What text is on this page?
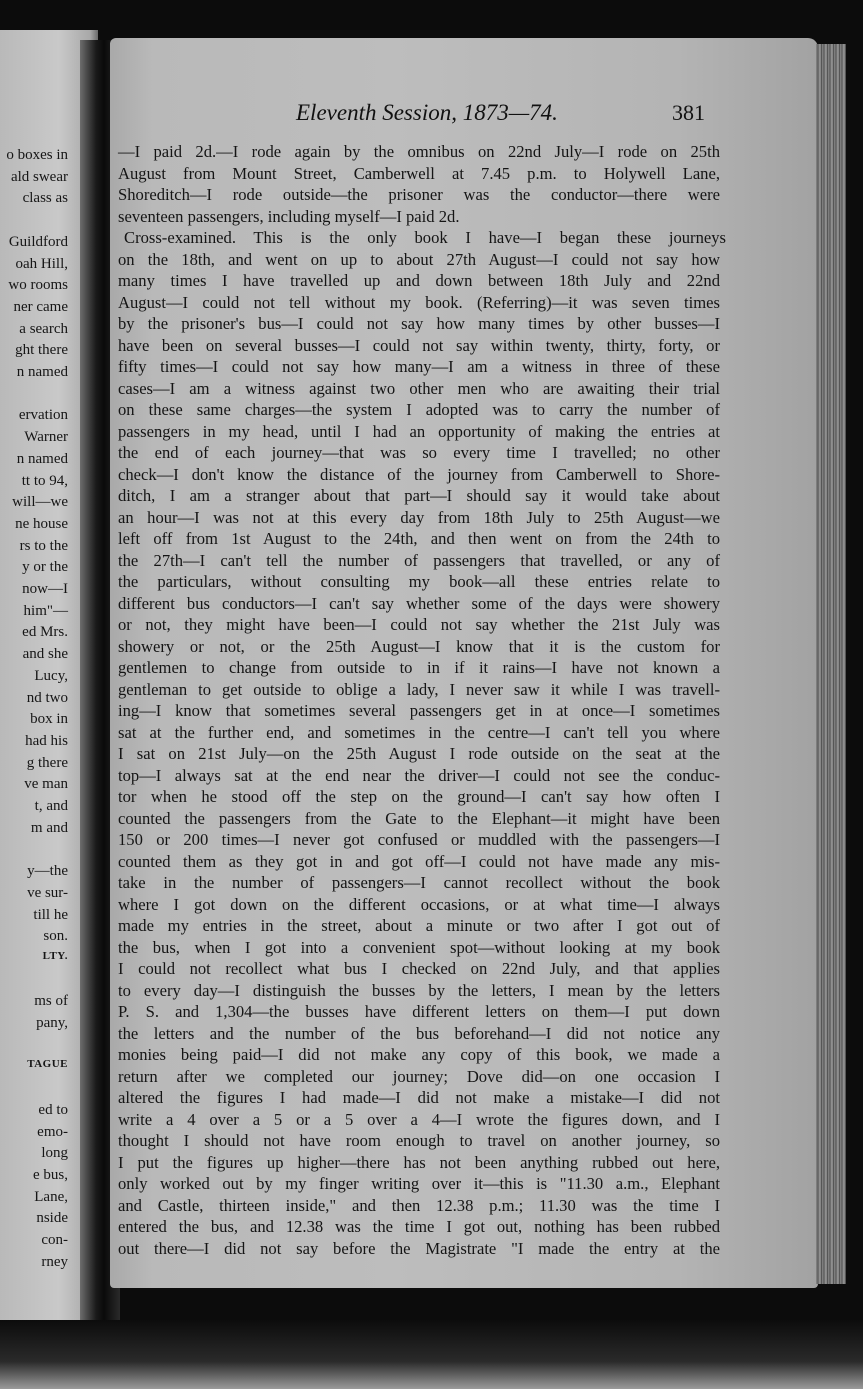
o boxes in
ald swear
class as
Guildford
oah Hill,
wo rooms
ner came
a search
ght there
n named
ervation
Warner
n named
tt to 94,
will—we
ne house
rs to the
y or the
now—I
him"—
ed Mrs.
and she
Lucy,
nd two
box in
had his
g there
ve man
t, and
m and
y—the
ve sur-
till he
son.
LTY.
ms of
pany,
TAGUE
ed to
emo-
long
e bus,
Lane,
nside
con-
rney
Eleventh Session, 1873—74.	381
—I paid 2d.—I rode again by the omnibus on 22nd July—I rode on 25th
August from Mount Street, Camberwell at 7.45 p.m. to Holywell Lane,
Shoreditch—I rode outside—the prisoner was the conductor—there were
seventeen passengers, including myself—I paid 2d.
Cross-examined. This is the only book I have—I began these journeys
on the 18th, and went on up to about 27th August—I could not say how
many times I have travelled up and down between 18th July and 22nd
August—I could not tell without my book. (Referring)—it was seven times
by the prisoner's bus—I could not say how many times by other busses—I
have been on several busses—I could not say within twenty, thirty, forty, or
fifty times—I could not say how many—I am a witness in three of these
cases—I am a witness against two other men who are awaiting their trial
on these same charges—the system I adopted was to carry the number of
passengers in my head, until I had an opportunity of making the entries at
the end of each journey—that was so every time I travelled; no other
check—I don't know the distance of the journey from Camberwell to Shore-
ditch, I am a stranger about that part—I should say it would take about
an hour—I was not at this every day from 18th July to 25th August—we
left off from 1st August to the 24th, and then went on from the 24th to
the 27th—I can't tell the number of passengers that travelled, or any of
the particulars, without consulting my book—all these entries relate to
different bus conductors—I can't say whether some of the days were showery
or not, they might have been—I could not say whether the 21st July was
showery or not, or the 25th August—I know that it is the custom for
gentlemen to change from outside to in if it rains—I have not known a
gentleman to get outside to oblige a lady, I never saw it while I was travell-
ing—I know that sometimes several passengers get in at once—I sometimes
sat at the further end, and sometimes in the centre—I can't tell you where
I sat on 21st July—on the 25th August I rode outside on the seat at the
top—I always sat at the end near the driver—I could not see the conduc-
tor when he stood off the step on the ground—I can't say how often I
counted the passengers from the Gate to the Elephant—it might have been
150 or 200 times—I never got confused or muddled with the passengers—I
counted them as they got in and got off—I could not have made any mis-
take in the number of passengers—I cannot recollect without the book
where I got down on the different occasions, or at what time—I always
made my entries in the street, about a minute or two after I got out of
the bus, when I got into a convenient spot—without looking at my book
I could not recollect what bus I checked on 22nd July, and that applies
to every day—I distinguish the busses by the letters, I mean by the letters
P. S. and 1,304—the busses have different letters on them—I put down
the letters and the number of the bus beforehand—I did not notice any
monies being paid—I did not make any copy of this book, we made a
return after we completed our journey; Dove did—on one occasion I
altered the figures I had made—I did not make a mistake—I did not
write a 4 over a 5 or a 5 over a 4—I wrote the figures down, and I
thought I should not have room enough to travel on another journey, so
I put the figures up higher—there has not been anything rubbed out here,
only worked out by my finger writing over it—this is "11.30 a.m., Elephant
and Castle, thirteen inside," and then 12.38 p.m.; 11.30 was the time I
entered the bus, and 12.38 was the time I got out, nothing has been rubbed
out there—I did not say before the Magistrate "I made the entry at the
